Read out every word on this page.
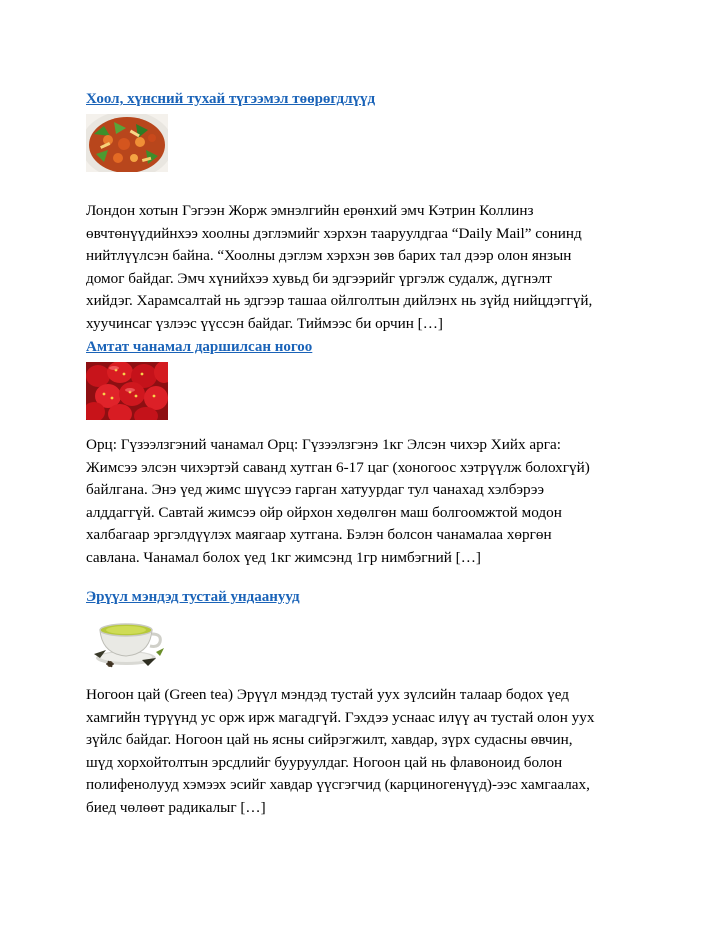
Хоол, хүнсний тухай түгээмэл төөрөгдлүүд
Лондон хотын Гэгээн Жорж эмнэлгийн ерөнхий эмч Кэтрин Коллинз
өвчтөнүүдийнхээ хоолны дэглэмийг хэрхэн тааруулдгаа “Daily Mail” сонинд
нийтлүүлсэн байна. “Хоолны дэглэм хэрхэн зөв барих тал дээр олон янзын
домог байдаг. Эмч хүнийхээ хувьд би эдгээрийг үргэлж судалж, дүгнэлт
хийдэг. Харамсалтай нь эдгээр ташаа ойлголтын дийлэнх нь зүйд нийцдэггүй,
хуучинсаг үзлээс үүссэн байдаг. Тиймээс би орчин […]
Амтат чанамал даршилсан ногоо
Орц: Гүзээлзгэний чанамал Орц: Гүзээлзгэнэ 1кг Элсэн чихэр Хийх арга:
Жимсээ элсэн чихэртэй саванд хутган 6-17 цаг (хоногоос хэтрүүлж болохгүй)
байлгана. Энэ үед жимс шүүсээ гарган хатуурдаг тул чанахад хэлбэрээ
алддаггүй. Савтай жимсээ ойр ойрхон хөдөлгөн маш болгоомжтой модон
халбагаар эргэлдүүлэх маягаар хутгана. Бэлэн болсон чанамалаа хөргөн
савлана. Чанамал болох үед 1кг жимсэнд 1гр нимбэгний […]
Эрүүл мэндэд тустай ундаанууд
Ногоон цай (Green tea) Эрүүл мэндэд тустай уух зүлсийн талаар бодох үед
хамгийн түрүүнд ус орж ирж магадгүй. Гэхдээ уснаас илүү ач тустай олон уух
зүйлс байдаг. Ногоон цай нь ясны сийрэгжилт, хавдар, зүрх судасны өвчин,
шүд хорхойтолтын эрсдлийг бууруулдаг. Ногоон цай нь флавоноид болон
полифенолууд хэмээх эсийг хавдар үүсгэгчид (карциногенүүд)-ээс хамгаалах,
биед чөлөөт радикалыг […]
